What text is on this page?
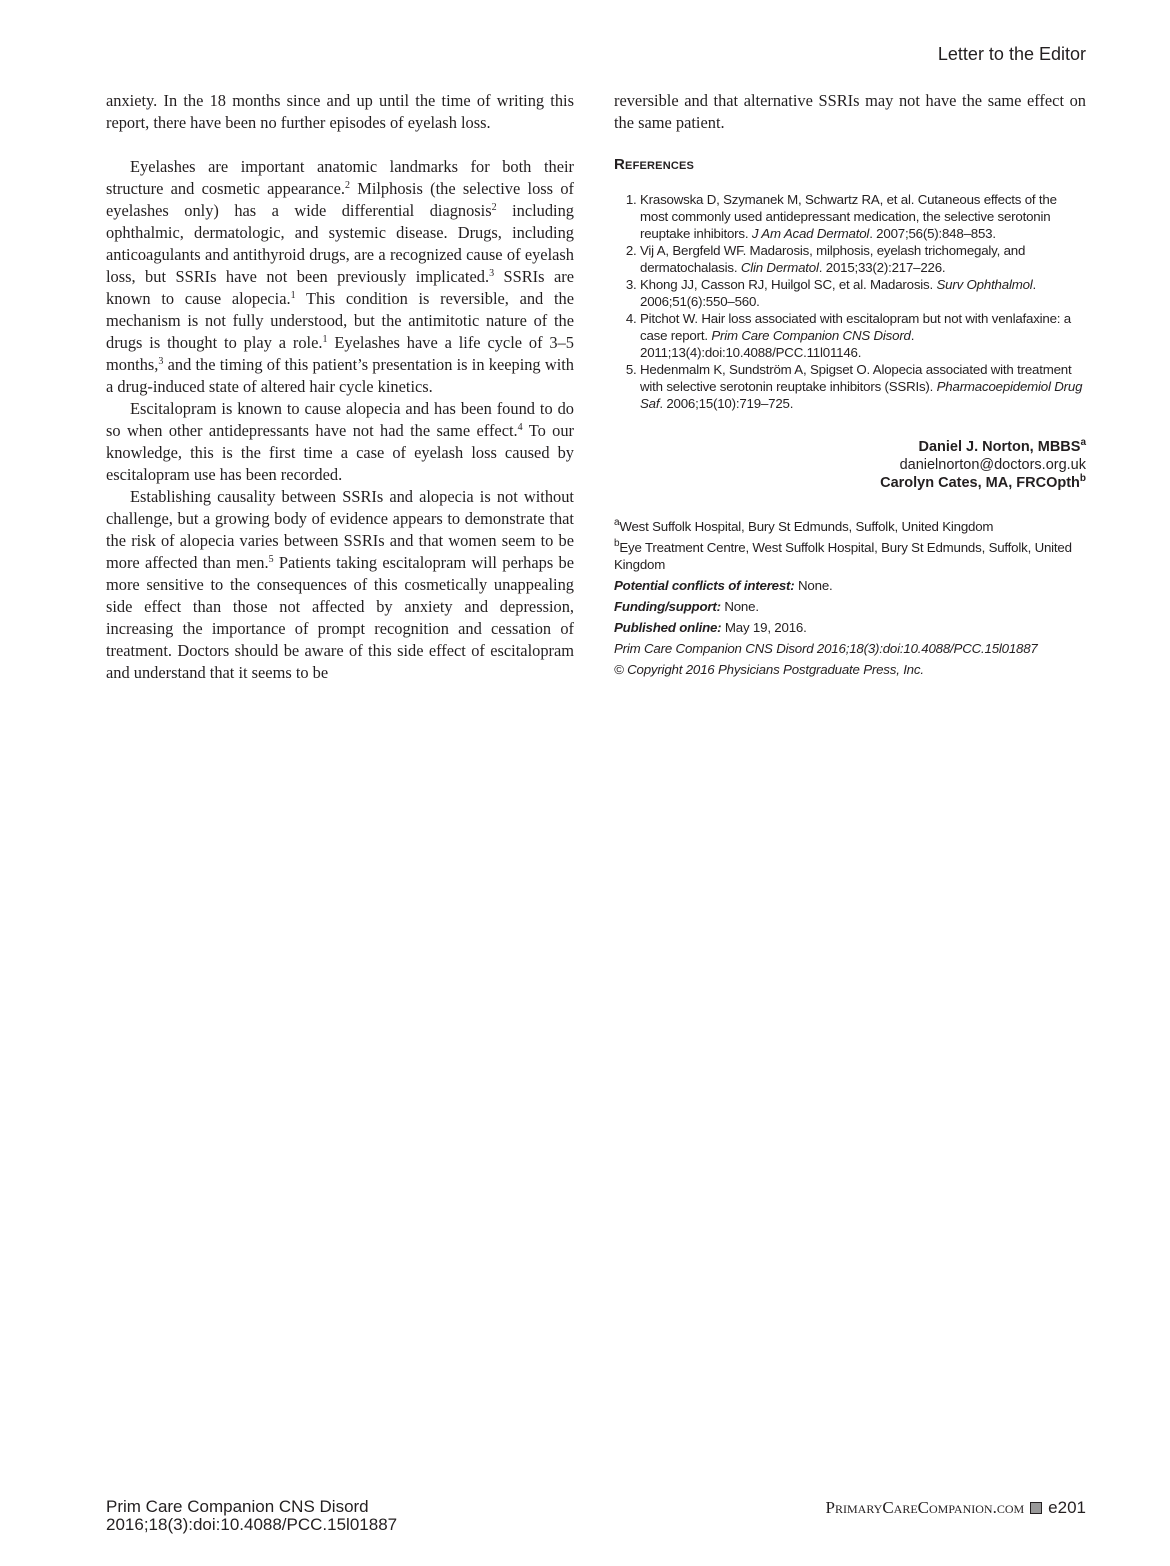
Letter to the Editor

anxiety. In the 18 months since and up until the time of writing this report, there have been no further episodes of eyelash loss.

Eyelashes are important anatomic landmarks for both their structure and cosmetic appearance.$^2$ Milphosis (the selective loss of eyelashes only) has a wide differential diagnosis$^2$ including ophthalmic, dermatologic, and systemic disease. Drugs, including anticoagulants and antithyroid drugs, are a recognized cause of eyelash loss, but SSRIs have not been previously implicated.$^3$ SSRIs are known to cause alopecia.$^1$ This condition is reversible, and the mechanism is not fully understood, but the antimitotic nature of the drugs is thought to play a role.$^1$ Eyelashes have a life cycle of 3–5 months,$^3$ and the timing of this patient’s presentation is in keeping with a drug-induced state of altered hair cycle kinetics.

Escitalopram is known to cause alopecia and has been found to do so when other antidepressants have not had the same effect.$^4$ To our knowledge, this is the first time a case of eyelash loss caused by escitalopram use has been recorded.

Establishing causality between SSRIs and alopecia is not without challenge, but a growing body of evidence appears to demonstrate that the risk of alopecia varies between SSRIs and that women seem to be more affected than men.$^5$ Patients taking escitalopram will perhaps be more sensitive to the consequences of this cosmetically unappealing side effect than those not affected by anxiety and depression, increasing the importance of prompt recognition and cessation of treatment. Doctors should be aware of this side effect of escitalopram and understand that it seems to be

reversible and that alternative SSRIs may not have the same effect on the same patient.

References
1. Krasowska D, Szymanek M, Schwartz RA, et al. Cutaneous effects of the most commonly used antidepressant medication, the selective serotonin reuptake inhibitors. J Am Acad Dermatol. 2007;56(5):848–853.
2. Vij A, Bergfeld WF. Madarosis, milphosis, eyelash trichomegaly, and dermatochalasis. Clin Dermatol. 2015;33(2):217–226.
3. Khong JJ, Casson RJ, Huilgol SC, et al. Madarosis. Surv Ophthalmol. 2006;51(6):550–560.
4. Pitchot W. Hair loss associated with escitalopram but not with venlafaxine: a case report. Prim Care Companion CNS Disord. 2011;13(4):doi:10.4088/PCC.11l01146.
5. Hedenmalm K, Sundström A, Spigset O. Alopecia associated with treatment with selective serotonin reuptake inhibitors (SSRIs). Pharmacoepidemiol Drug Saf. 2006;15(10):719–725.
Daniel J. Norton, MBBS$^a$
danielnorton@doctors.org.uk
Carolyn Cates, MA, FRCOpth$^b$
$^a$West Suffolk Hospital, Bury St Edmunds, Suffolk, United Kingdom
$^b$Eye Treatment Centre, West Suffolk Hospital, Bury St Edmunds, Suffolk, United Kingdom
Potential conflicts of interest: None.
Funding/support: None.
Published online: May 19, 2016.
Prim Care Companion CNS Disord 2016;18(3):doi:10.4088/PCC.15l01887
© Copyright 2016 Physicians Postgraduate Press, Inc.
Prim Care Companion CNS Disord
2016;18(3):doi:10.4088/PCC.15l01887
PrimaryCareCompanion.com e201
